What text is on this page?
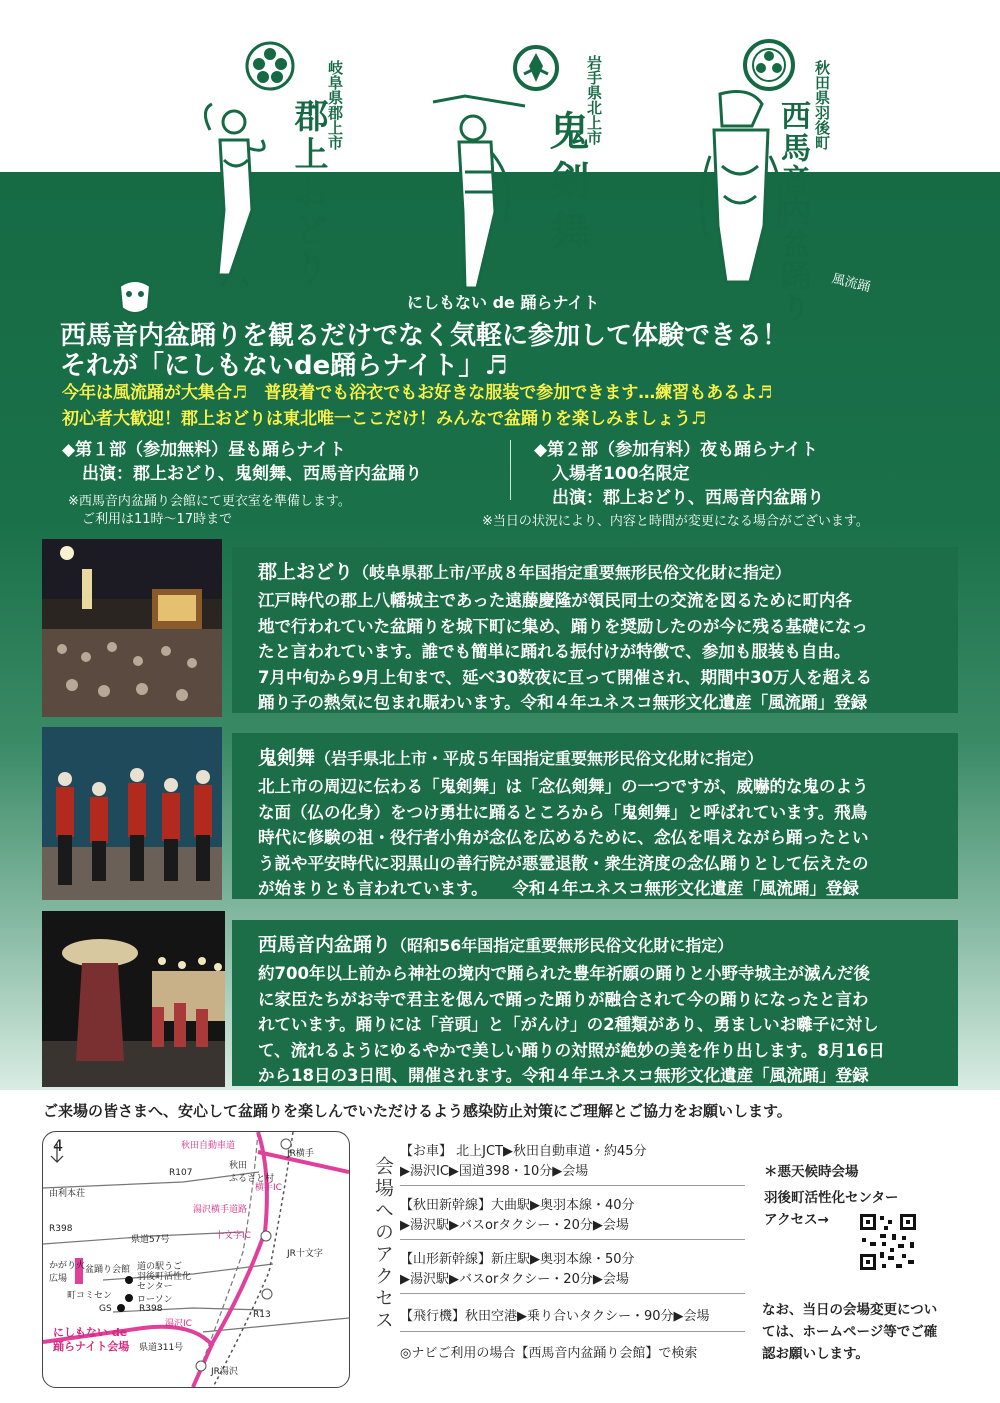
岐阜県郡上市
郡上おどり	岩手県北上市
鬼剣舞
秋田県羽後町
西馬音内盆踊り
にしもない de 踊らナイト
風流踊
西馬音内盆踊りを観るだけでなく気軽に参加して体験できる！
それが「にしもないde踊らナイト」♬
今年は風流踊が大集合♬　普段着でも浴衣でもお好きな服装で参加できます…練習もあるよ♬
初心者大歓迎！郡上おどりは東北唯一ここだけ！みんなで盆踊りを楽しみましょう♬
◆第１部（参加無料）昼も踊らナイト
出演：郡上おどり、鬼剣舞、西馬音内盆踊り
※西馬音内盆踊り会館にて更衣室を準備します。
ご利用は11時～17時まで
◆第２部（参加有料）夜も踊らナイト
入場者100名限定
出演：郡上おどり、西馬音内盆踊り
※当日の状況により、内容と時間が変更になる場合がございます。
郡上おどり（岐阜県郡上市/平成８年国指定重要無形民俗文化財に指定）
江戸時代の郡上八幡城主であった遠藤慶隆が領民同士の交流を図るために町内各
地で行われていた盆踊りを城下町に集め、踊りを奨励したのが今に残る基礎になっ
たと言われています。誰でも簡単に踊れる振付けが特徴で、参加も服装も自由。
7月中旬から9月上旬まで、延べ30数夜に亘って開催され、期間中30万人を超える
踊り子の熱気に包まれ賑わいます。令和４年ユネスコ無形文化遺産「風流踊」登録
鬼剣舞（岩手県北上市・平成５年国指定重要無形民俗文化財に指定）
北上市の周辺に伝わる「鬼剣舞」は「念仏剣舞」の一つですが、威嚇的な鬼のよう
な面（仏の化身）をつけ勇壮に踊るところから「鬼剣舞」と呼ばれています。飛鳥
時代に修験の祖・役行者小角が念仏を広めるために、念仏を唱えながら踊ったとい
う説や平安時代に羽黒山の善行院が悪霊退散・衆生済度の念仏踊りとして伝えたの
が始まりとも言われています。　　令和４年ユネスコ無形文化遺産「風流踊」登録
西馬音内盆踊り（昭和56年国指定重要無形民俗文化財に指定）
約700年以上前から神社の境内で踊られた豊年祈願の踊りと小野寺城主が滅んだ後
に家臣たちがお寺で君主を偲んで踊った踊りが融合されて今の踊りになったと言わ
れています。踊りには「音頭」と「がんけ」の2種類があり、勇ましいお囃子に対し
て、流れるようにゆるやかで美しい踊りの対照が絶妙の美を作り出します。8月16日
から18日の3日間、開催されます。令和４年ユネスコ無形文化遺産「風流踊」登録
ご来場の皆さまへ、安心して盆踊りを楽しんでいただけるよう感染防止対策にご理解とご協力をお願いします。
4	秋田自動車道
JR横手
秋田
ふるさと村
R107
横手IC
由利本荘
湯沢横手道路
R398
十文字IC
県道57号
JR十文字
かがり火
広場
盆踊り会館 道の駅うご
羽後町活性化
センター
町コミセン	ローソン
GS	R398
湯沢IC
R13
にしもない de
踊らナイト会場 県道311号
JR湯沢
会場へのアクセス
【お車】 北上JCT▶秋田自動車道・約45分
▶湯沢IC▶国道398・10分▶会場
【秋田新幹線】大曲駅▶奥羽本線・40分
▶湯沢駅▶バスorタクシー・20分▶会場
【山形新幹線】新庄駅▶奥羽本線・50分
▶湯沢駅▶バスorタクシー・20分▶会場
【飛行機】秋田空港▶乗り合いタクシー・90分▶会場
◎ナビご利用の場合【西馬音内盆踊り会館】で検索
＊悪天候時会場
羽後町活性化センター
アクセス→
なお、当日の会場変更につい
ては、ホームページ等でご確
認お願いします。
